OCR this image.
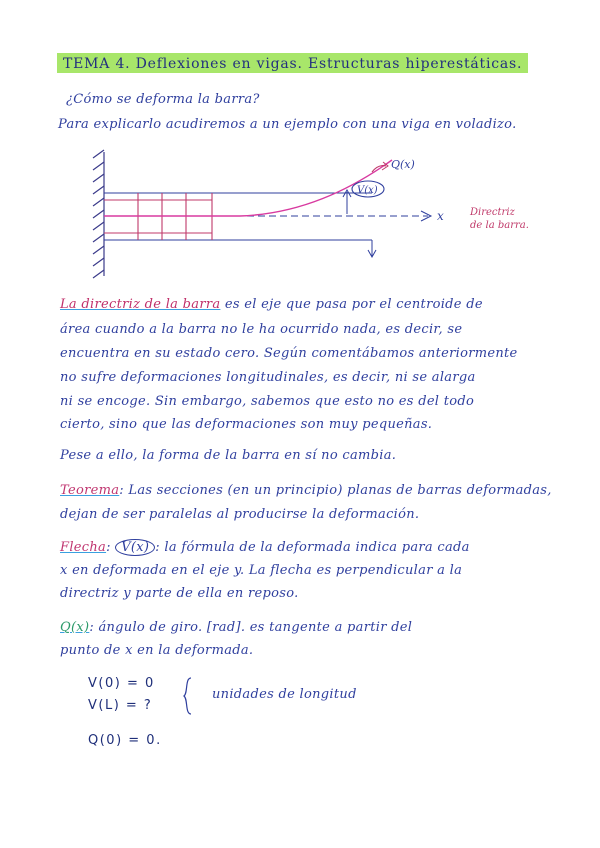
TEMA 4. Deflexiones en vigas. Estructuras hiperestáticas.
¿Cómo se deforma la barra?
Para explicarlo acudiremos a un ejemplo con una viga en voladizo.
Q(x)
V(x)
x	Directriz
de la barra.
La directriz de la barra es el eje que pasa por el centroide de
área cuando a la barra no le ha ocurrido nada, es decir, se
encuentra en su estado cero. Según comentábamos anteriormente
no sufre deformaciones longitudinales, es decir, ni se alarga
ni se encoge. Sin embargo, sabemos que esto no es del todo
cierto, sino que las deformaciones son muy pequeñas.
Pese a ello, la forma de la barra en sí no cambia.
Teorema: Las secciones (en un principio) planas de barras deformadas,
dejan de ser paralelas al producirse la deformación.
Flecha: V(x) : la fórmula de la deformada indica para cada
x en deformada en el eje y. La flecha es perpendicular a la
directriz y parte de ella en reposo.
Q(x): ángulo de giro. [rad]. es tangente a partir del
punto de x en la deformada.
V(0) = 0
V(L) = ?
unidades de longitud
Q(0) = 0.
